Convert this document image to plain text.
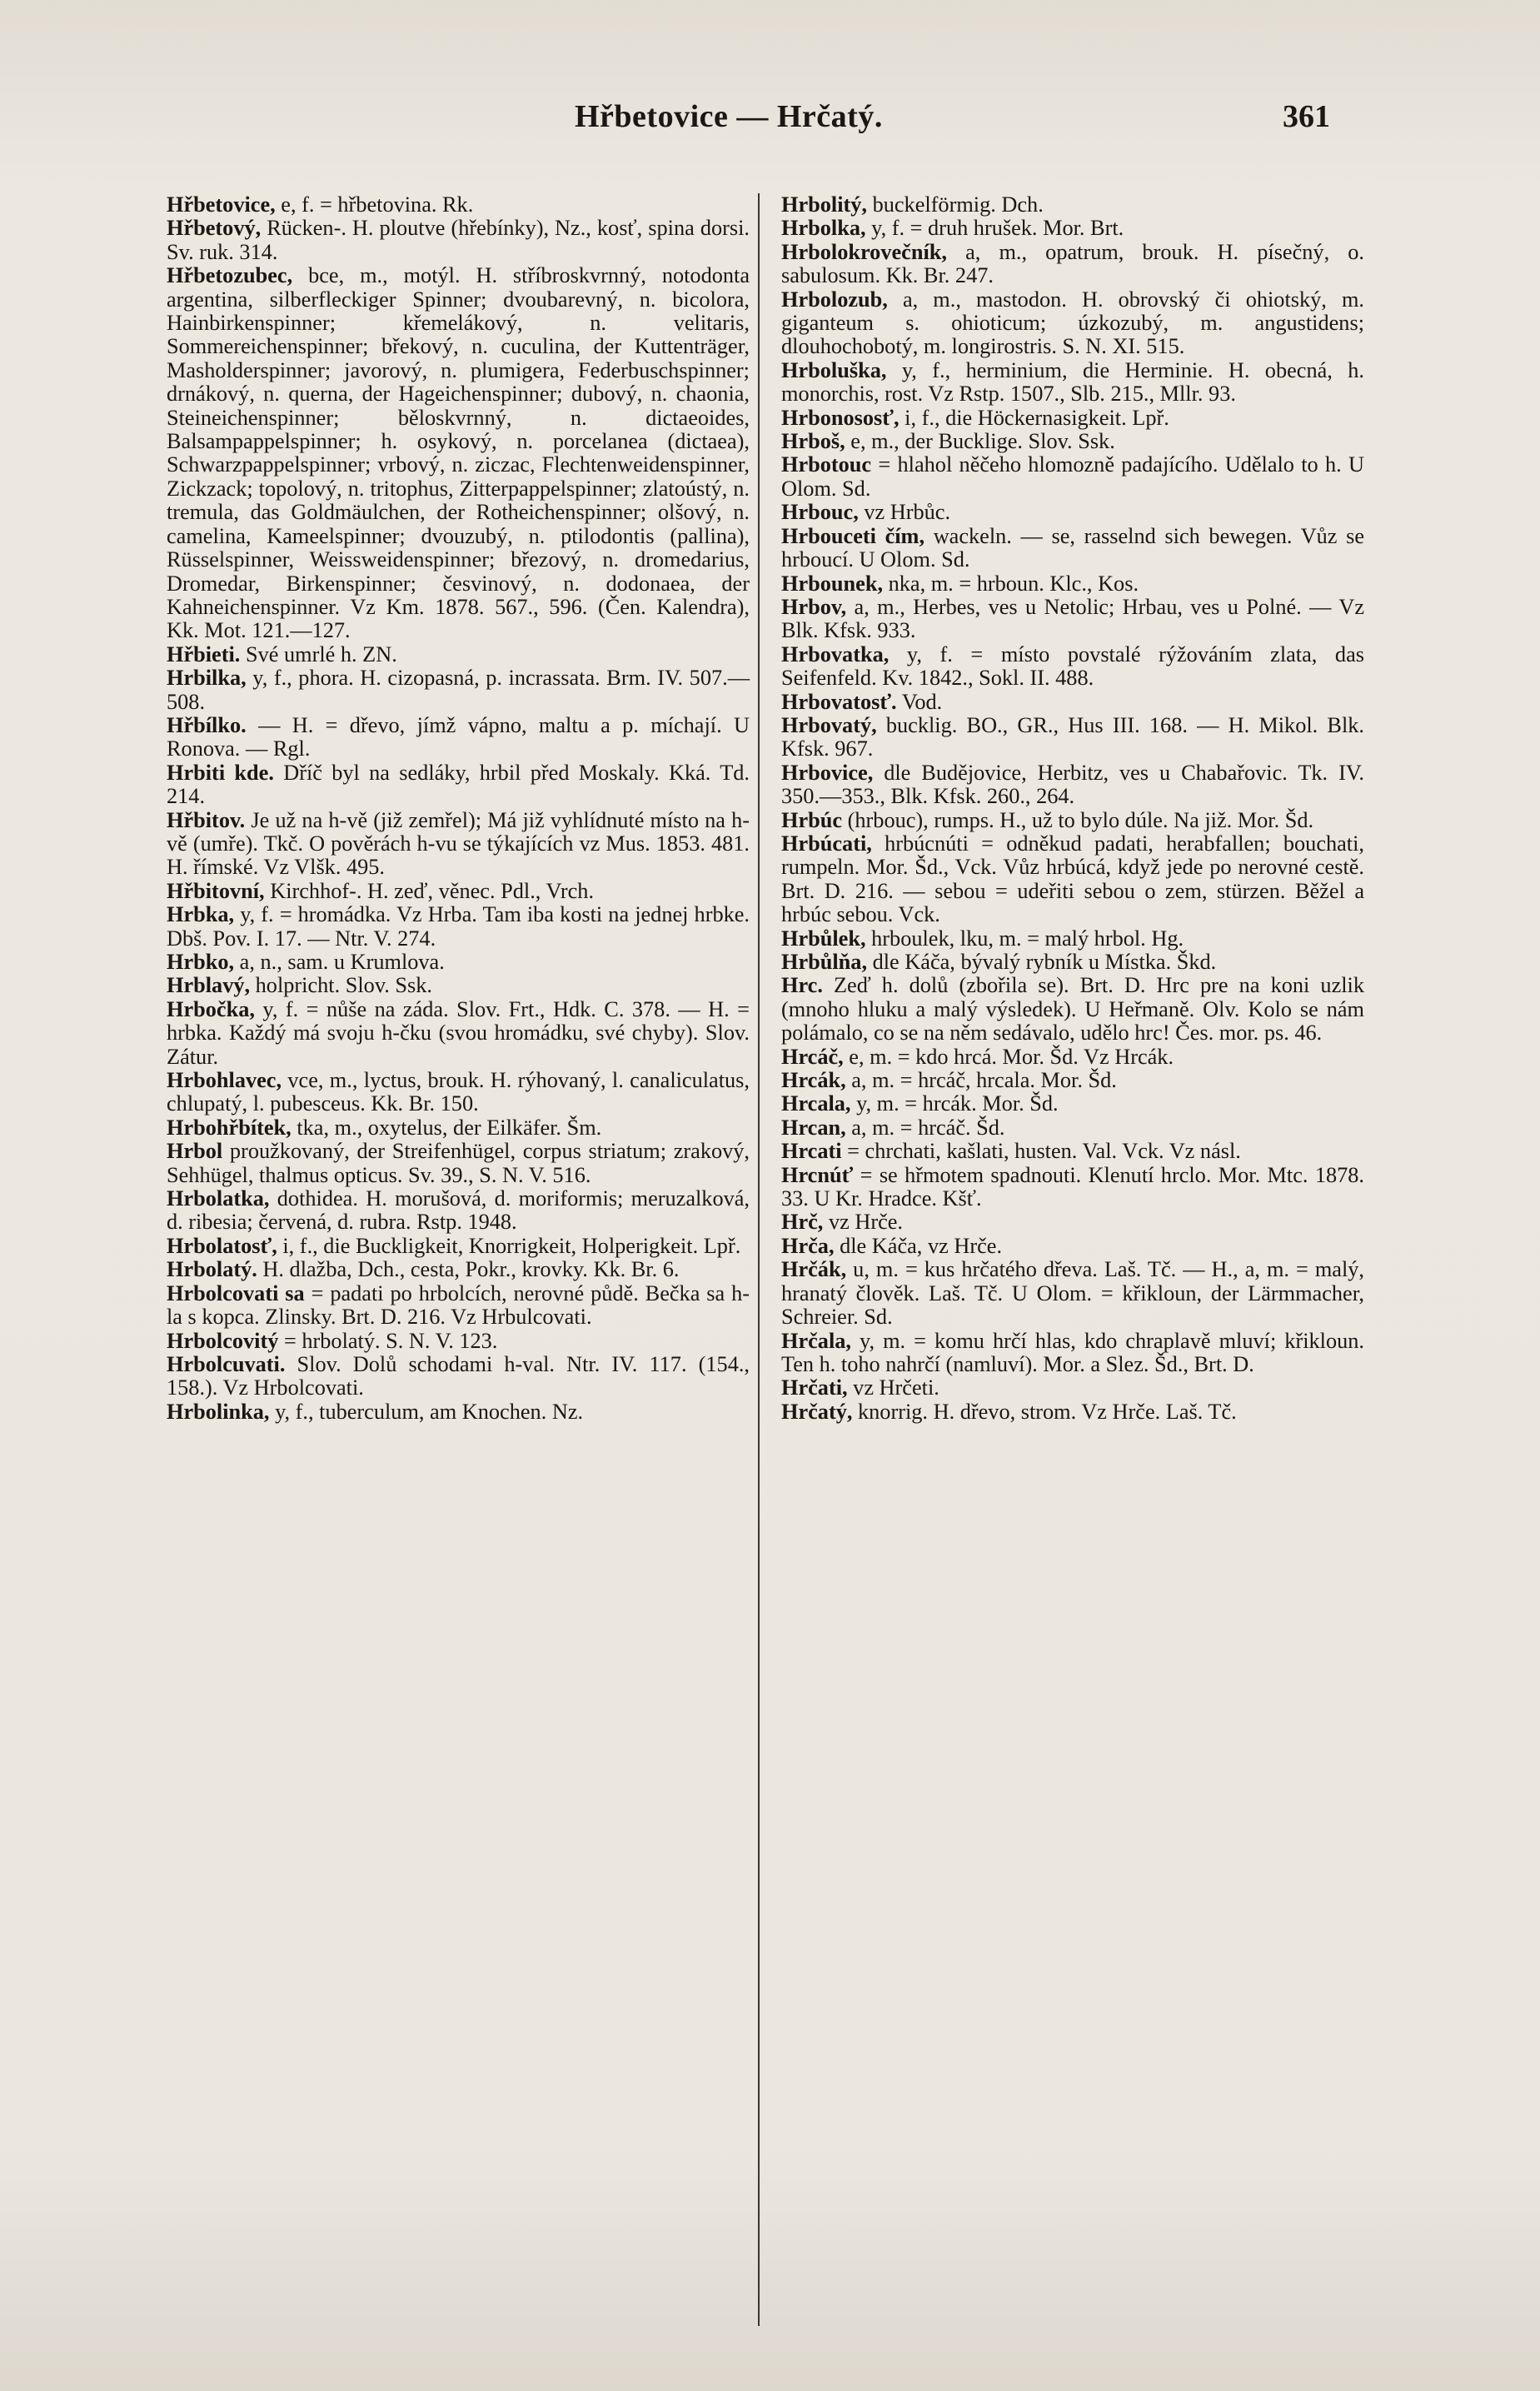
Hřbetovice — Hrčatý.	361

Hřbetovice, e, f. = hřbetovina. Rk.

Hřbetový, Rücken-. H. ploutve (hřebínky), Nz., kosť, spina dorsi. Sv. ruk. 314.

Hřbetozubec, bce, m., motýl. H. stříbroskvrnný, notodonta argentina, silberfleckiger Spinner; dvoubarevný, n. bicolora, Hainbirkenspinner; křemelákový, n. velitaris, Sommereichenspinner; břekový, n. cuculina, der Kuttenträger, Masholderspinner; javorový, n. plumigera, Federbuschspinner; drnákový, n. querna, der Hageichenspinner; dubový, n. chaonia, Steineichenspinner; běloskvrnný, n. dictaeoides, Balsampappelspinner; h. osykový, n. porcelanea (dictaea), Schwarzpappelspinner; vrbový, n. ziczac, Flechtenweidenspinner, Zickzack; topolový, n. tritophus, Zitterpappelspinner; zlatoústý, n. tremula, das Goldmäulchen, der Rotheichenspinner; olšový, n. camelina, Kameelspinner; dvouzubý, n. ptilodontis (pallina), Rüsselspinner, Weissweidenspinner; březový, n. dromedarius, Dromedar, Birkenspinner; česvinový, n. dodonaea, der Kahneichenspinner. Vz Km. 1878. 567., 596. (Čen. Kalendra), Kk. Mot. 121.—127.

Hřbieti. Své umrlé h. ZN.

Hrbilka, y, f., phora. H. cizopasná, p. incrassata. Brm. IV. 507.—508.

Hřbílko. — H. = dřevo, jímž vápno, maltu a p. míchají. U Ronova. — Rgl.

Hrbiti kde. Dříč byl na sedláky, hrbil před Moskaly. Kká. Td. 214.

Hřbitov. Je už na h-vě (již zemřel); Má již vyhlídnuté místo na h-vě (umře). Tkč. O pověrách h-vu se týkajících vz Mus. 1853. 481. H. římské. Vz Vlšk. 495.

Hřbitovní, Kirchhof-. H. zeď, věnec. Pdl., Vrch.

Hrbka, y, f. = hromádka. Vz Hrba. Tam iba kosti na jednej hrbke. Dbš. Pov. I. 17. — Ntr. V. 274.

Hrbko, a, n., sam. u Krumlova.

Hrblavý, holpricht. Slov. Ssk.

Hrbočka, y, f. = nůše na záda. Slov. Frt., Hdk. C. 378. — H. = hrbka. Každý má svoju h-čku (svou hromádku, své chyby). Slov. Zátur.

Hrbohlavec, vce, m., lyctus, brouk. H. rýhovaný, l. canaliculatus, chlupatý, l. pubesceus. Kk. Br. 150.

Hrbohřbítek, tka, m., oxytelus, der Eilkäfer. Šm.

Hrbol proužkovaný, der Streifenhügel, corpus striatum; zrakový, Sehhügel, thalmus opticus. Sv. 39., S. N. V. 516.

Hrbolatka, dothidea. H. morušová, d. moriformis; meruzalková, d. ribesia; červená, d. rubra. Rstp. 1948.

Hrbolatosť, i, f., die Buckligkeit, Knorrigkeit, Holperigkeit. Lpř.

Hrbolatý. H. dlažba, Dch., cesta, Pokr., krovky. Kk. Br. 6.

Hrbolcovati sa = padati po hrbolcích, nerovné půdě. Bečka sa h-la s kopca. Zlinsky. Brt. D. 216. Vz Hrbulcovati.

Hrbolcovitý = hrbolatý. S. N. V. 123.

Hrbolcuvati. Slov. Dolů schodami h-val. Ntr. IV. 117. (154., 158.). Vz Hrbolcovati.

Hrbolinka, y, f., tuberculum, am Knochen. Nz.

Hrbolitý, buckelförmig. Dch.

Hrbolka, y, f. = druh hrušek. Mor. Brt.

Hrbolokrovečník, a, m., opatrum, brouk. H. písečný, o. sabulosum. Kk. Br. 247.

Hrbolozub, a, m., mastodon. H. obrovský či ohiotský, m. giganteum s. ohioticum; úzkozubý, m. angustidens; dlouhochobotý, m. longirostris. S. N. XI. 515.

Hrboluška, y, f., herminium, die Herminie. H. obecná, h. monorchis, rost. Vz Rstp. 1507., Slb. 215., Mllr. 93.

Hrbonososť, i, f., die Höckernasigkeit. Lpř.

Hrboš, e, m., der Bucklige. Slov. Ssk.

Hrbotouc = hlahol něčeho hlomozně padajícího. Udělalo to h. U Olom. Sd.

Hrbouc, vz Hrbůc.

Hrbouceti čím, wackeln. — se, rasselnd sich bewegen. Vůz se hrboucí. U Olom. Sd.

Hrbounek, nka, m. = hrboun. Klc., Kos.

Hrbov, a, m., Herbes, ves u Netolic; Hrbau, ves u Polné. — Vz Blk. Kfsk. 933.

Hrbovatka, y, f. = místo povstalé rýžováním zlata, das Seifenfeld. Kv. 1842., Sokl. II. 488.

Hrbovatosť. Vod.

Hrbovatý, bucklig. BO., GR., Hus III. 168. — H. Mikol. Blk. Kfsk. 967.

Hrbovice, dle Budějovice, Herbitz, ves u Chabařovic. Tk. IV. 350.—353., Blk. Kfsk. 260., 264.

Hrbúc (hrbouc), rumps. H., už to bylo dúle. Na již. Mor. Šd.

Hrbúcati, hrbúcnúti = odněkud padati, herabfallen; bouchati, rumpeln. Mor. Šd., Vck. Vůz hrbúcá, když jede po nerovné cestě. Brt. D. 216. — sebou = udeřiti sebou o zem, stürzen. Běžel a hrbúc sebou. Vck.

Hrbůlek, hrboulek, lku, m. = malý hrbol. Hg.

Hrbůlňa, dle Káča, bývalý rybník u Místka. Škd.

Hrc. Zeď h. dolů (zbořila se). Brt. D. Hrc pre na koni uzlik (mnoho hluku a malý výsledek). U Heřmaně. Olv. Kolo se nám polámalo, co se na něm sedávalo, udělo hrc! Čes. mor. ps. 46.

Hrcáč, e, m. = kdo hrcá. Mor. Šd. Vz Hrcák.

Hrcák, a, m. = hrcáč, hrcala. Mor. Šd.

Hrcala, y, m. = hrcák. Mor. Šd.

Hrcan, a, m. = hrcáč. Šd.

Hrcati = chrchati, kašlati, husten. Val. Vck. Vz násl.

Hrcnúť = se hřmotem spadnouti. Klenutí hrclo. Mor. Mtc. 1878. 33. U Kr. Hradce. Kšť.

Hrč, vz Hrče.

Hrča, dle Káča, vz Hrče.

Hrčák, u, m. = kus hrčatého dřeva. Laš. Tč. — H., a, m. = malý, hranatý člověk. Laš. Tč. U Olom. = křikloun, der Lärmmacher, Schreier. Sd.

Hrčala, y, m. = komu hrčí hlas, kdo chraplavě mluví; křikloun. Ten h. toho nahrčí (namluví). Mor. a Slez. Šd., Brt. D.

Hrčati, vz Hrčeti.

Hrčatý, knorrig. H. dřevo, strom. Vz Hrče. Laš. Tč.
